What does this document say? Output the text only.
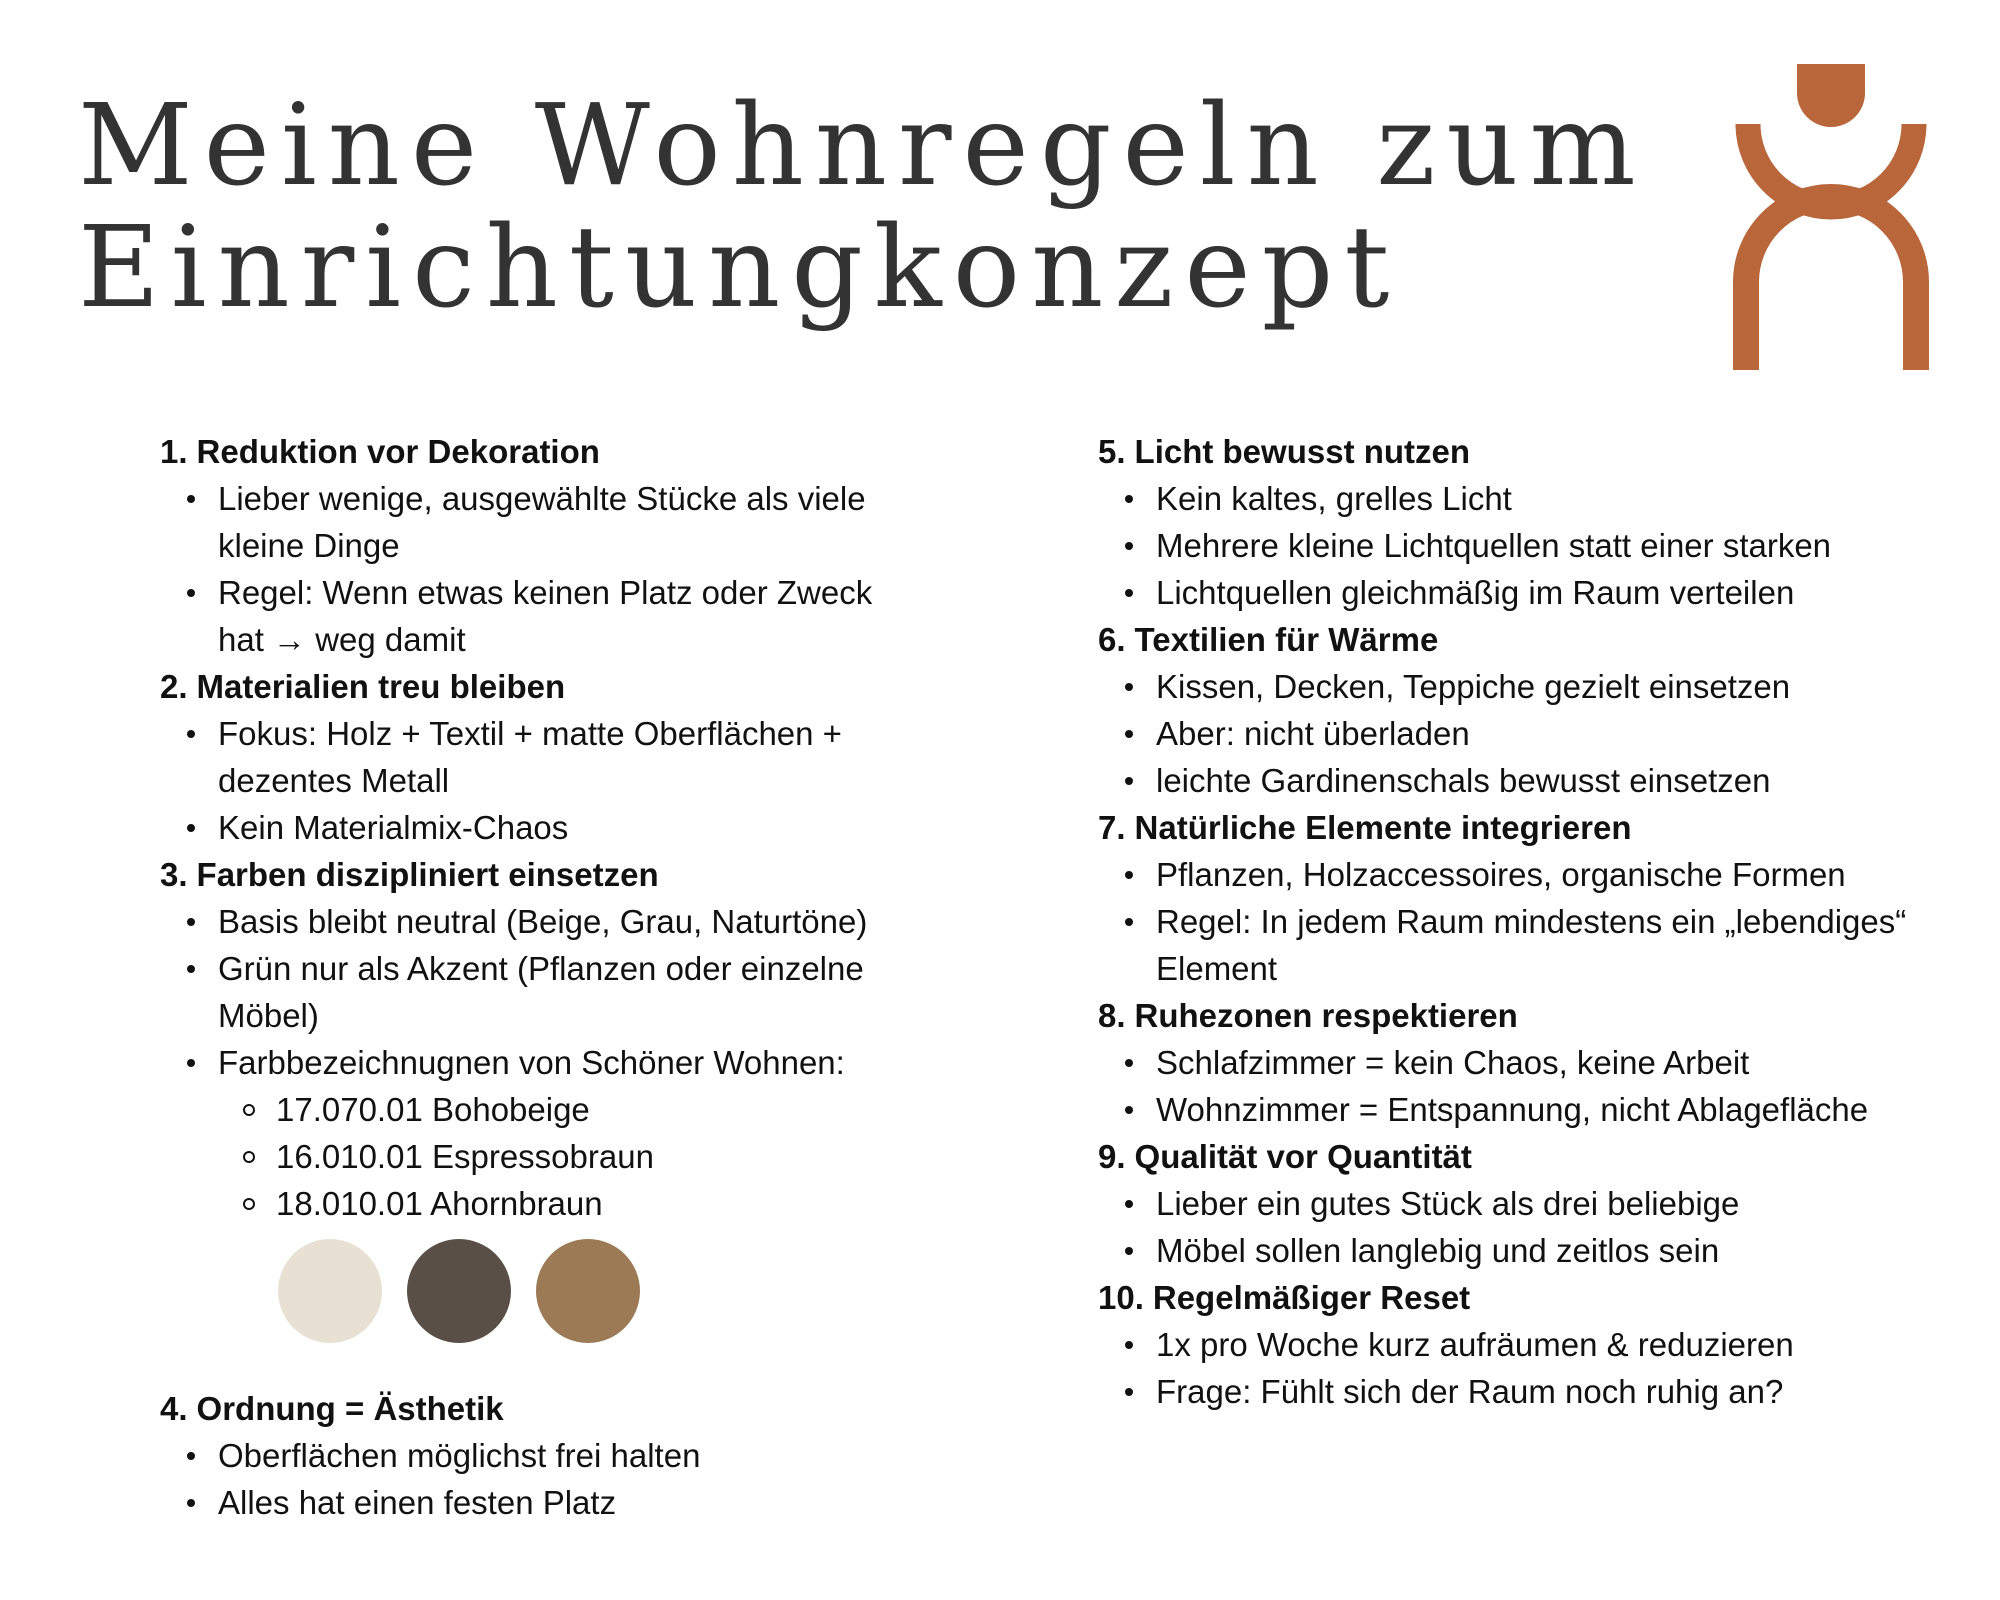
Meine Wohnregeln zum
Einrichtungkonzept
1. Reduktion vor Dekoration
Lieber wenige, ausgewählte Stücke als viele kleine Dinge
Regel: Wenn etwas keinen Platz oder Zweck hat → weg damit
2. Materialien treu bleiben
Fokus: Holz + Textil + matte Oberflächen + dezentes Metall
Kein Materialmix-Chaos
3. Farben diszipliniert einsetzen
Basis bleibt neutral (Beige, Grau, Naturtöne)
Grün nur als Akzent (Pflanzen oder einzelne Möbel)
Farbbezeichnugnen von Schöner Wohnen:
17.070.01 Bohobeige
16.010.01 Espressobraun
18.010.01 Ahornbraun
4. Ordnung = Ästhetik
Oberflächen möglichst frei halten
Alles hat einen festen Platz
5. Licht bewusst nutzen
Kein kaltes, grelles Licht
Mehrere kleine Lichtquellen statt einer starken
Lichtquellen gleichmäßig im Raum verteilen
6. Textilien für Wärme
Kissen, Decken, Teppiche gezielt einsetzen
Aber: nicht überladen
leichte Gardinenschals bewusst einsetzen
7. Natürliche Elemente integrieren
Pflanzen, Holzaccessoires, organische Formen
Regel: In jedem Raum mindestens ein „lebendiges“ Element
8. Ruhezonen respektieren
Schlafzimmer = kein Chaos, keine Arbeit
Wohnzimmer = Entspannung, nicht Ablagefläche
9. Qualität vor Quantität
Lieber ein gutes Stück als drei beliebige
Möbel sollen langlebig und zeitlos sein
10. Regelmäßiger Reset
1x pro Woche kurz aufräumen & reduzieren
Frage: Fühlt sich der Raum noch ruhig an?
